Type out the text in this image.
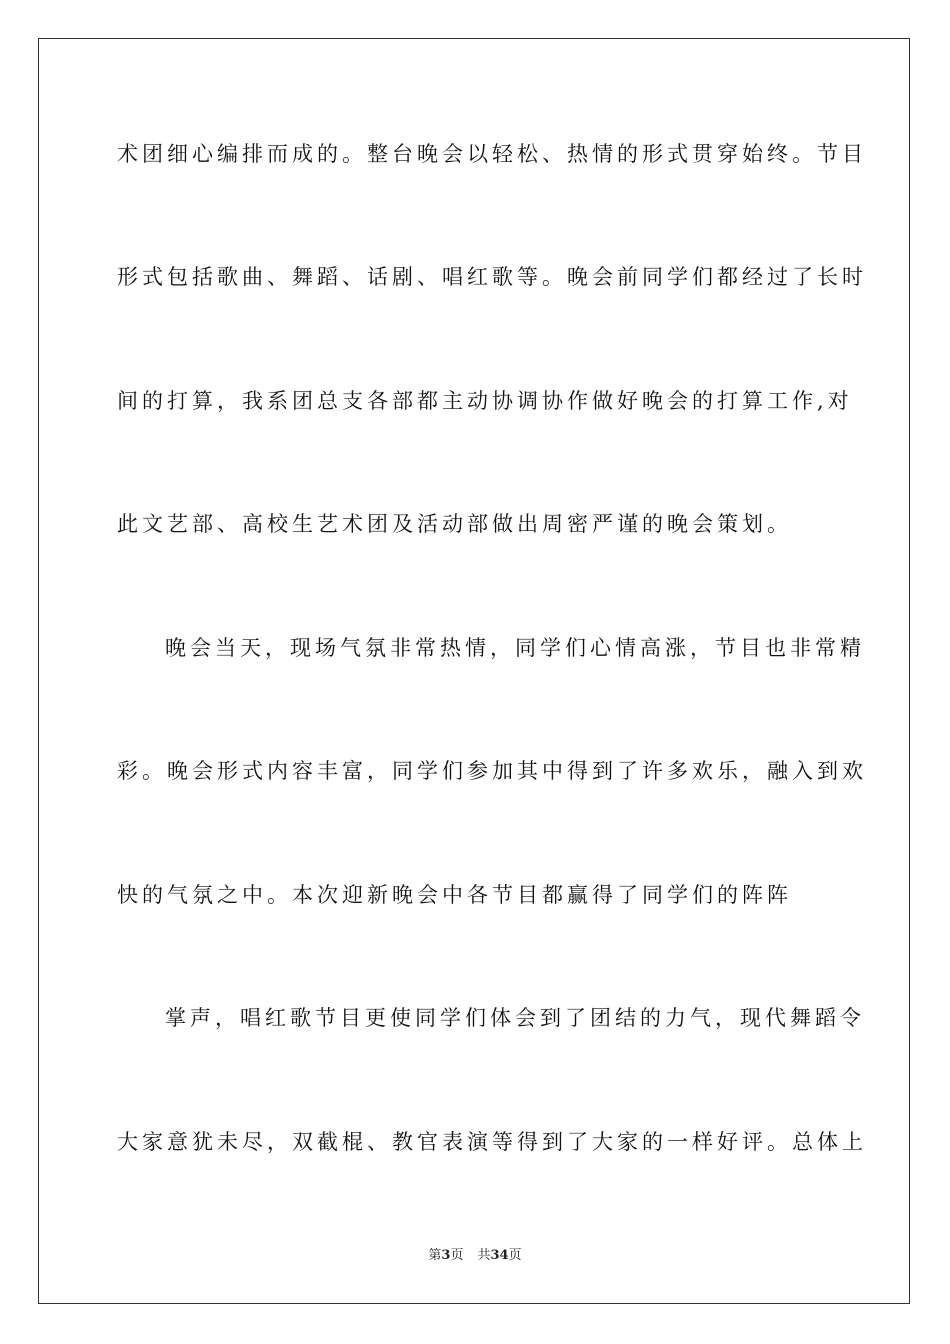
术团细心编排而成的。整台晚会以轻松、热情的形式贯穿始终。节目
形式包括歌曲、舞蹈、话剧、唱红歌等。晚会前同学们都经过了长时
间的打算，我系团总支各部都主动协调协作做好晚会的打算工作,对
此文艺部、高校生艺术团及活动部做出周密严谨的晚会策划。
晚会当天，现场气氛非常热情，同学们心情高涨，节目也非常精
彩。晚会形式内容丰富，同学们参加其中得到了许多欢乐，融入到欢
快的气氛之中。本次迎新晚会中各节目都赢得了同学们的阵阵
掌声，唱红歌节目更使同学们体会到了团结的力气，现代舞蹈令
大家意犹未尽，双截棍、教官表演等得到了大家的一样好评。总体上
第3页 共34页
